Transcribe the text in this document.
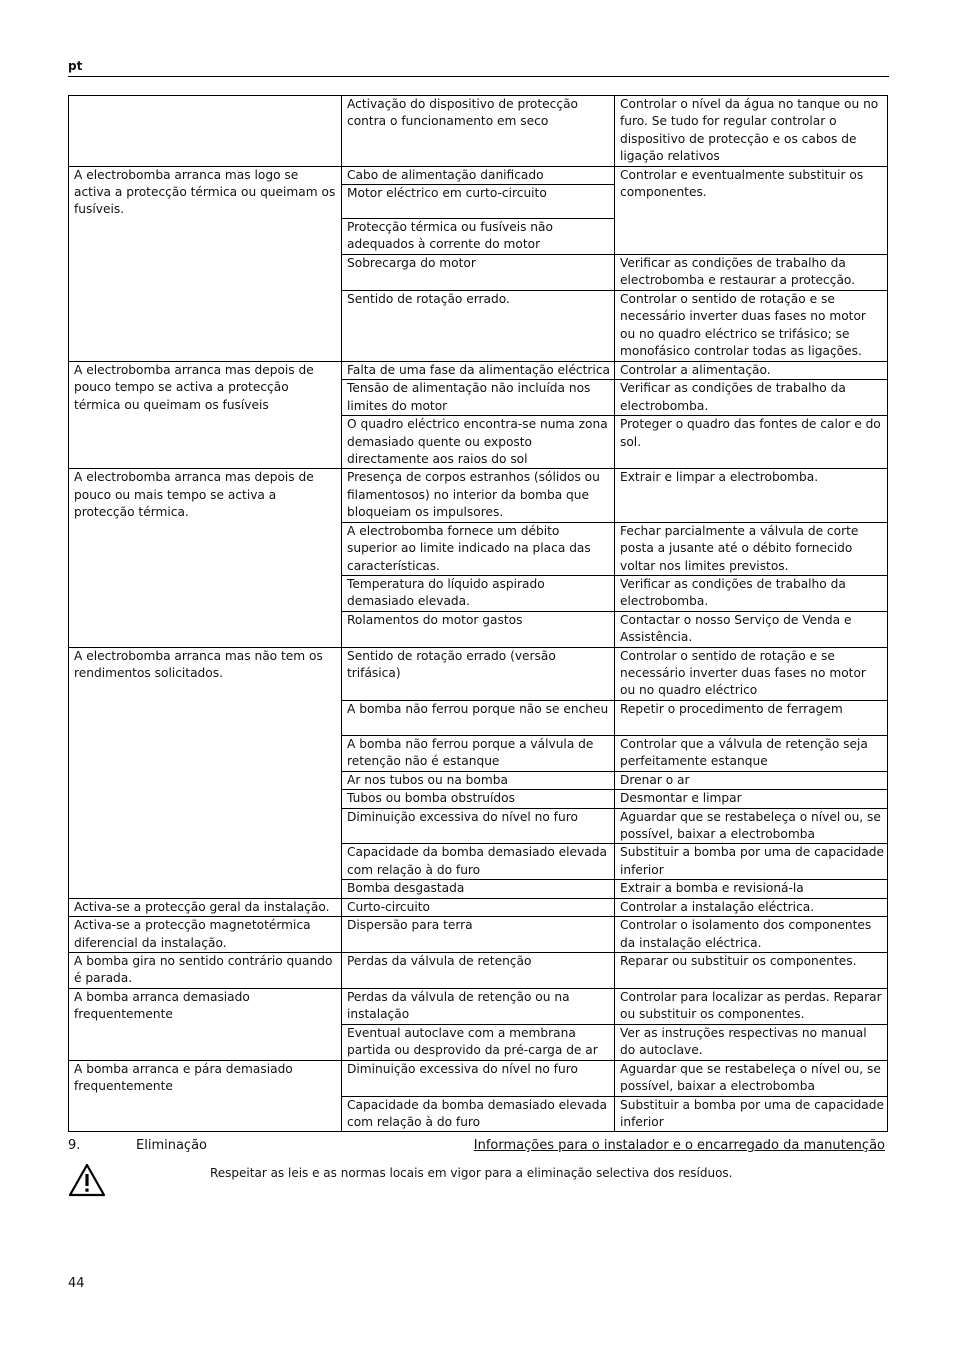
pt
	Activação do dispositivo de protecção contra o funcionamento em seco	Controlar o nível da água no tanque ou no furo. Se tudo for regular controlar o dispositivo de protecção e os cabos de ligação relativos
A electrobomba arranca mas logo se activa a protecção térmica ou queimam os fusíveis.	Cabo de alimentação danificado	Controlar e eventualmente substituir os componentes.
	Motor eléctrico em curto-circuito	
	Protecção térmica ou fusíveis não adequados à corrente do motor	
	Sobrecarga do motor	Verificar as condições de trabalho da electrobomba e restaurar a protecção.
	Sentido de rotação errado.	Controlar o sentido de rotação e se necessário inverter duas fases no motor ou no quadro eléctrico se trifásico; se monofásico controlar todas as ligações.
A electrobomba arranca mas depois de pouco tempo se activa a protecção térmica ou queimam os fusíveis	Falta de uma fase da alimentação eléctrica	Controlar a alimentação.
	Tensão de alimentação não incluída nos limites do motor	Verificar as condições de trabalho da electrobomba.
	O quadro eléctrico encontra-se numa zona demasiado quente ou exposto directamente aos raios do sol	Proteger o quadro das fontes de calor e do sol.
A electrobomba arranca mas depois de pouco ou mais tempo se activa a protecção térmica.	Presença de corpos estranhos (sólidos ou filamentosos) no interior da bomba que bloqueiam os impulsores.	Extrair e limpar a electrobomba.
	A electrobomba fornece um débito superior ao limite indicado na placa das características.	Fechar parcialmente a válvula de corte posta a jusante até o débito fornecido voltar nos limites previstos.
	Temperatura do líquido aspirado demasiado elevada.	Verificar as condições de trabalho da electrobomba.
	Rolamentos do motor gastos	Contactar o nosso Serviço de Venda e Assistência.
A electrobomba arranca mas não tem os rendimentos solicitados.	Sentido de rotação errado (versão trifásica)	Controlar o sentido de rotação e se necessário inverter duas fases no motor ou no quadro eléctrico
	A bomba não ferrou porque não se encheu	Repetir o procedimento de ferragem
	A bomba não ferrou porque a válvula de retenção não é estanque	Controlar que a válvula de retenção seja perfeitamente estanque
	Ar nos tubos ou na bomba	Drenar o ar
	Tubos ou bomba obstruídos	Desmontar e limpar
	Diminuição excessiva do nível no furo	Aguardar que se restabeleça o nível ou, se possível, baixar a electrobomba
	Capacidade da bomba demasiado elevada com relação à do furo	Substituir a bomba por uma de capacidade inferior
	Bomba desgastada	Extrair a bomba e revisioná-la
Activa-se a protecção geral da instalação.	Curto-circuito	Controlar a instalação eléctrica.
Activa-se a protecção magnetotérmica diferencial da instalação.	Dispersão para terra	Controlar o isolamento dos componentes da instalação eléctrica.
A bomba gira no sentido contrário quando é parada.	Perdas da válvula de retenção	Reparar ou substituir os componentes.
A bomba arranca demasiado frequentemente	Perdas da válvula de retenção ou na instalação	Controlar para localizar as perdas. Reparar ou substituir os componentes.
	Eventual autoclave com a membrana partida ou desprovido da pré-carga de ar	Ver as instruções respectivas no manual do autoclave.
A bomba arranca e pára demasiado frequentemente	Diminuição excessiva do nível no furo	Aguardar que se restabeleça o nível ou, se possível, baixar a electrobomba
	Capacidade da bomba demasiado elevada com relação à do furo	Substituir a bomba por uma de capacidade inferior
9.	Eliminação	Informações para o instalador e o encarregado da manutenção
Respeitar as leis e as normas locais em vigor para a eliminação selectiva dos resíduos.
44
